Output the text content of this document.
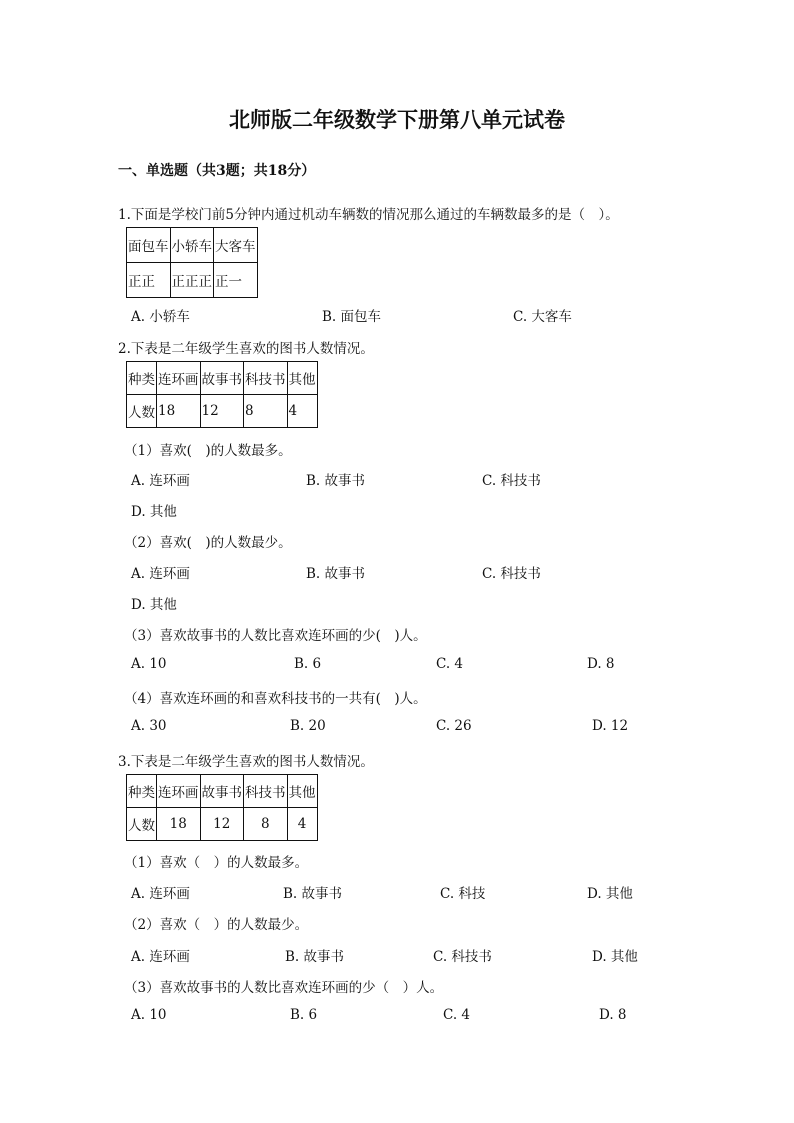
北师版二年级数学下册第八单元试卷
一、单选题（共3题；共18分）
1.下面是学校门前5分钟内通过机动车辆数的情况那么通过的车辆数最多的是（　）。
面包车	小轿车	大客车
正正	正正正	正一
A. 小轿车	B. 面包车	C. 大客车
2.下表是二年级学生喜欢的图书人数情况。
种类	连环画	故事书	科技书	其他
人数	18	12	8	4
（1）喜欢(　)的人数最多。
A. 连环画	B. 故事书	C. 科技书
D. 其他
（2）喜欢(　)的人数最少。
A. 连环画	B. 故事书	C. 科技书
D. 其他
（3）喜欢故事书的人数比喜欢连环画的少(　)人。
A. 10	B. 6	C. 4	D. 8
（4）喜欢连环画的和喜欢科技书的一共有(　)人。
A. 30	B. 20	C. 26	D. 12
3.下表是二年级学生喜欢的图书人数情况。
种类	连环画	故事书	科技书	其他
人数	18	12	8	4
（1）喜欢（　）的人数最多。
A. 连环画	B. 故事书	C. 科技	D. 其他
（2）喜欢（　）的人数最少。
A. 连环画	B. 故事书	C. 科技书	D. 其他
（3）喜欢故事书的人数比喜欢连环画的少（　）人。
A. 10	B. 6	C. 4	D. 8
